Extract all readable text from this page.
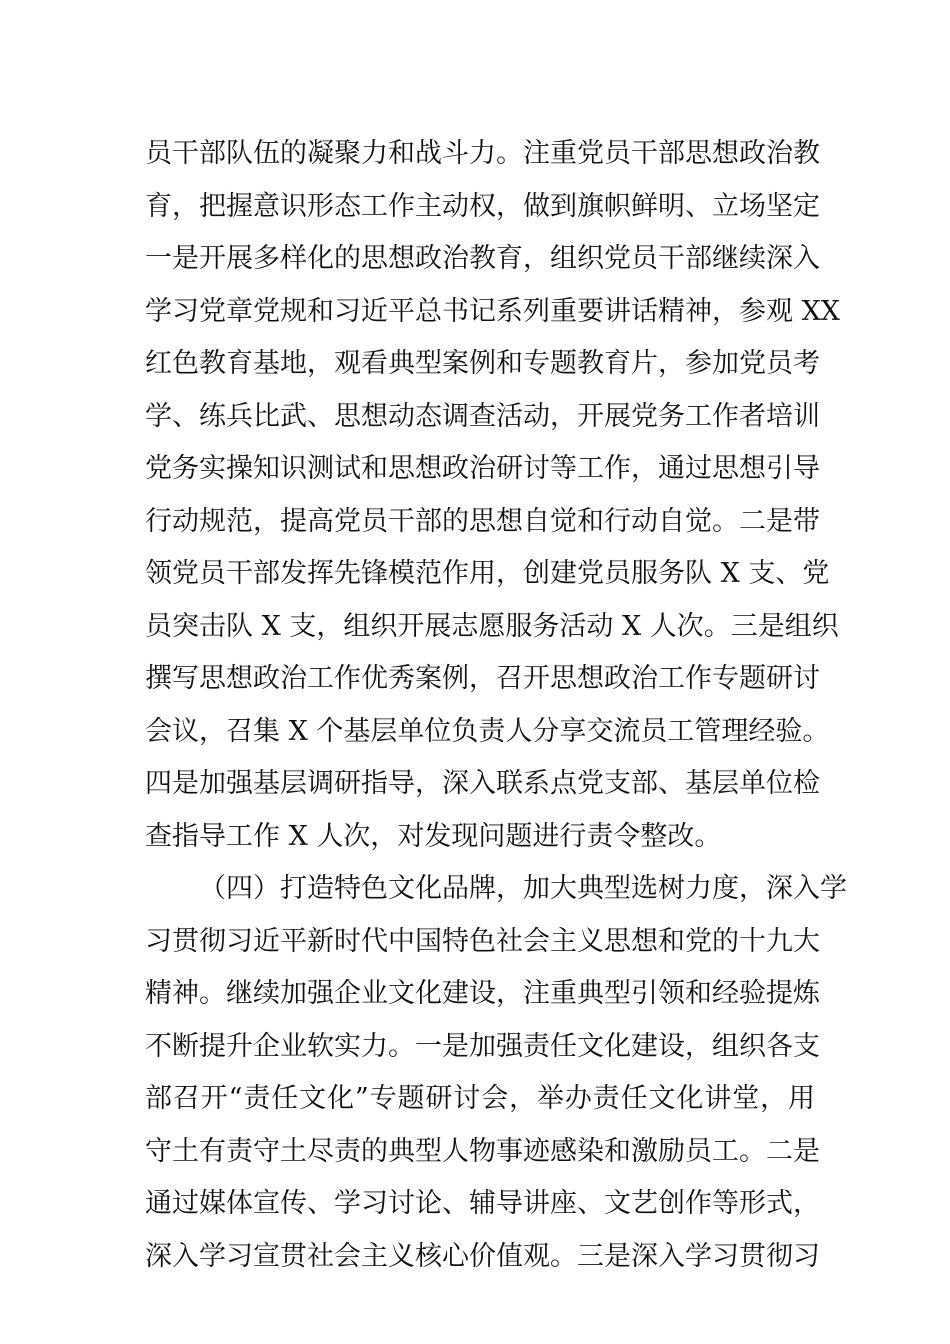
员干部队伍的凝聚力和战斗力。注重党员干部思想政治教
育，把握意识形态工作主动权，做到旗帜鲜明、立场坚定
一是开展多样化的思想政治教育，组织党员干部继续深入
学习党章党规和习近平总书记系列重要讲话精神，参观 XX
红色教育基地，观看典型案例和专题教育片，参加党员考
学、练兵比武、思想动态调查活动，开展党务工作者培训
党务实操知识测试和思想政治研讨等工作，通过思想引导
行动规范，提高党员干部的思想自觉和行动自觉。二是带
领党员干部发挥先锋模范作用，创建党员服务队 X 支、党
员突击队 X 支，组织开展志愿服务活动 X 人次。三是组织
撰写思想政治工作优秀案例，召开思想政治工作专题研讨
会议，召集 X 个基层单位负责人分享交流员工管理经验。
四是加强基层调研指导，深入联系点党支部、基层单位检
查指导工作 X 人次，对发现问题进行责令整改。
（四）打造特色文化品牌，加大典型选树力度，深入学
习贯彻习近平新时代中国特色社会主义思想和党的十九大
精神。继续加强企业文化建设，注重典型引领和经验提炼
不断提升企业软实力。一是加强责任文化建设，组织各支
部召开“责任文化”专题研讨会，举办责任文化讲堂，用
守土有责守土尽责的典型人物事迹感染和激励员工。二是
通过媒体宣传、学习讨论、辅导讲座、文艺创作等形式，
深入学习宣贯社会主义核心价值观。三是深入学习贯彻习
